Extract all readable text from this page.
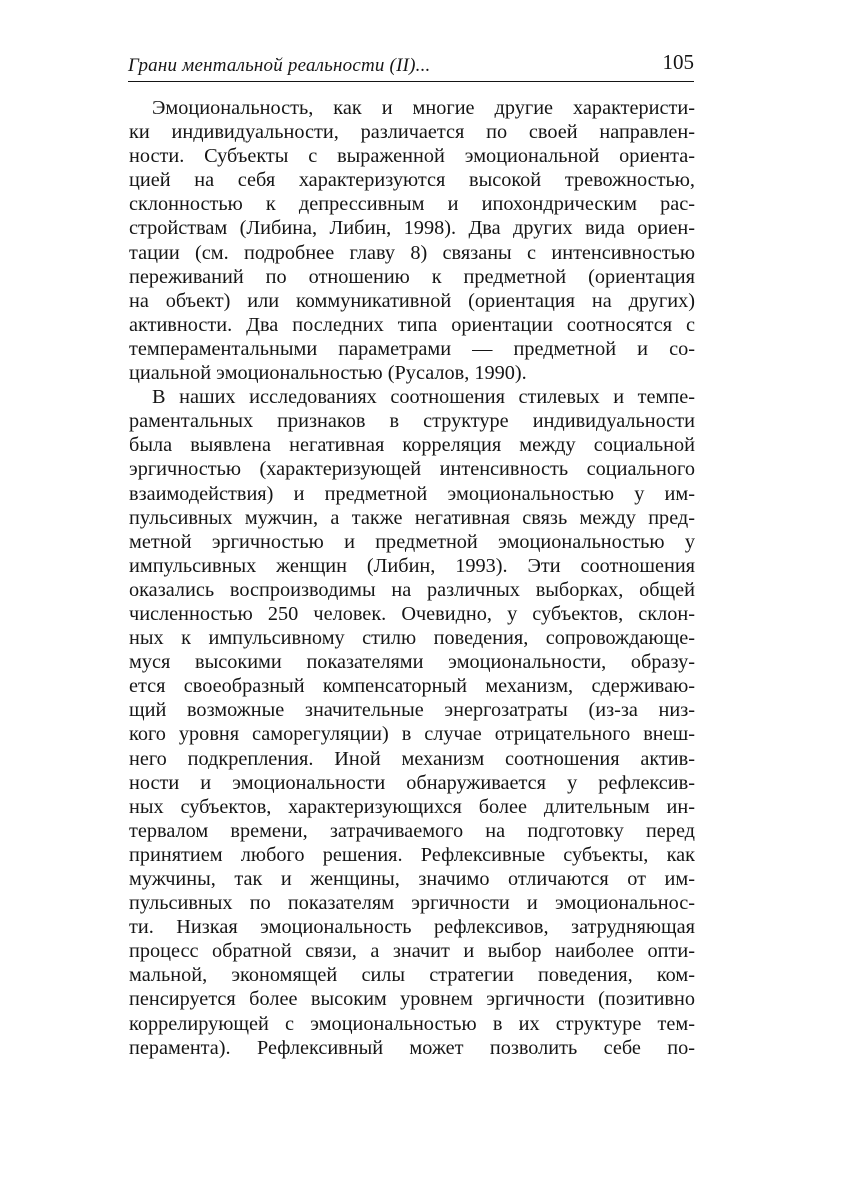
Грани ментальной реальности (II)...	105
Эмоциональность, как и многие другие характеристи-
ки индивидуальности, различается по своей направлен-
ности. Субъекты с выраженной эмоциональной ориента-
цией на себя характеризуются высокой тревожностью,
склонностью к депрессивным и ипохондрическим рас-
стройствам (Либина, Либин, 1998). Два других вида ориен-
тации (см. подробнее главу 8) связаны с интенсивностью
переживаний по отношению к предметной (ориентация
на объект) или коммуникативной (ориентация на других)
активности. Два последних типа ориентации соотносятся с
темпераментальными параметрами — предметной и со-
циальной эмоциональностью (Русалов, 1990).
В наших исследованиях соотношения стилевых и темпе-
раментальных признаков в структуре индивидуальности
была выявлена негативная корреляция между социальной
эргичностью (характеризующей интенсивность социального
взаимодействия) и предметной эмоциональностью у им-
пульсивных мужчин, а также негативная связь между пред-
метной эргичностью и предметной эмоциональностью у
импульсивных женщин (Либин, 1993). Эти соотношения
оказались воспроизводимы на различных выборках, общей
численностью 250 человек. Очевидно, у субъектов, склон-
ных к импульсивному стилю поведения, сопровождающе-
муся высокими показателями эмоциональности, образу-
ется своеобразный компенсаторный механизм, сдерживаю-
щий возможные значительные энергозатраты (из-за низ-
кого уровня саморегуляции) в случае отрицательного внеш-
него подкрепления. Иной механизм соотношения актив-
ности и эмоциональности обнаруживается у рефлексив-
ных субъектов, характеризующихся более длительным ин-
тервалом времени, затрачиваемого на подготовку перед
принятием любого решения. Рефлексивные субъекты, как
мужчины, так и женщины, значимо отличаются от им-
пульсивных по показателям эргичности и эмоциональнос-
ти. Низкая эмоциональность рефлексивов, затрудняющая
процесс обратной связи, а значит и выбор наиболее опти-
мальной, экономящей силы стратегии поведения, ком-
пенсируется более высоким уровнем эргичности (позитивно
коррелирующей с эмоциональностью в их структуре тем-
перамента). Рефлексивный может позволить себе по-
